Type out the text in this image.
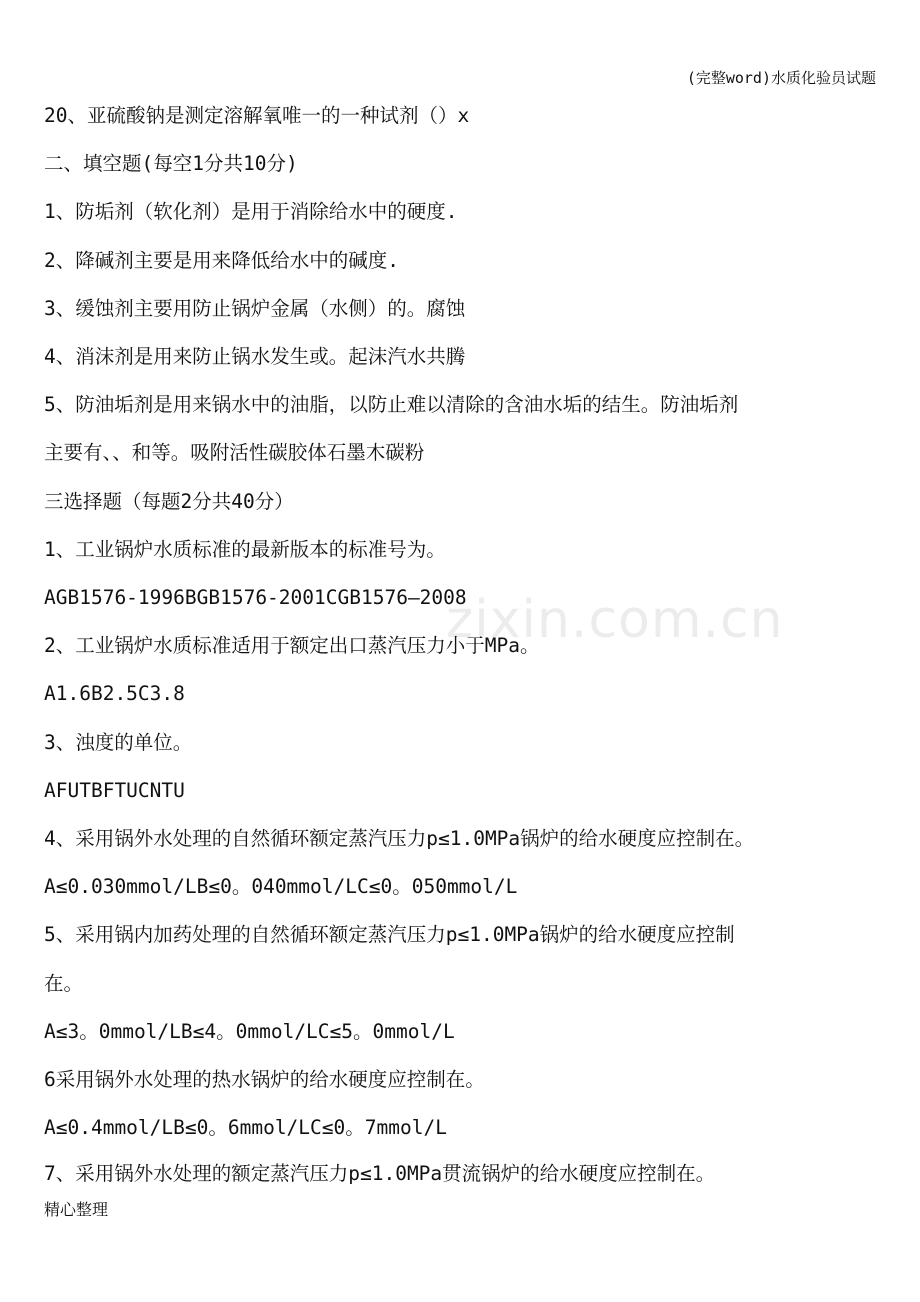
(完整word)水质化验员试题
zixin.com.cn
20、亚硫酸钠是测定溶解氧唯一的一种试剂（）x
二、填空题(每空1分共10分)
1、防垢剂（软化剂）是用于消除给水中的硬度.
2、降碱剂主要是用来降低给水中的碱度.
3、缓蚀剂主要用防止锅炉金属（水侧）的。腐蚀
4、消沫剂是用来防止锅水发生或。起沫汽水共腾
5、防油垢剂是用来锅水中的油脂，以防止难以清除的含油水垢的结生。防油垢剂
主要有、、和等。吸附活性碳胶体石墨木碳粉
三选择题（每题2分共40分）
1、工业锅炉水质标准的最新版本的标准号为。
AGB1576-1996BGB1576-2001CGB1576—2008
2、工业锅炉水质标准适用于额定出口蒸汽压力小于MPa。
A1.6B2.5C3.8
3、浊度的单位。
AFUTBFTUCNTU
4、采用锅外水处理的自然循环额定蒸汽压力p≤1.0MPa锅炉的给水硬度应控制在。
A≤0.030mmol/LB≤0。040mmol/LC≤0。050mmol/L
5、采用锅内加药处理的自然循环额定蒸汽压力p≤1.0MPa锅炉的给水硬度应控制
在。
A≤3。0mmol/LB≤4。0mmol/LC≤5。0mmol/L
6采用锅外水处理的热水锅炉的给水硬度应控制在。
A≤0.4mmol/LB≤0。6mmol/LC≤0。7mmol/L
7、采用锅外水处理的额定蒸汽压力p≤1.0MPa贯流锅炉的给水硬度应控制在。
精心整理
